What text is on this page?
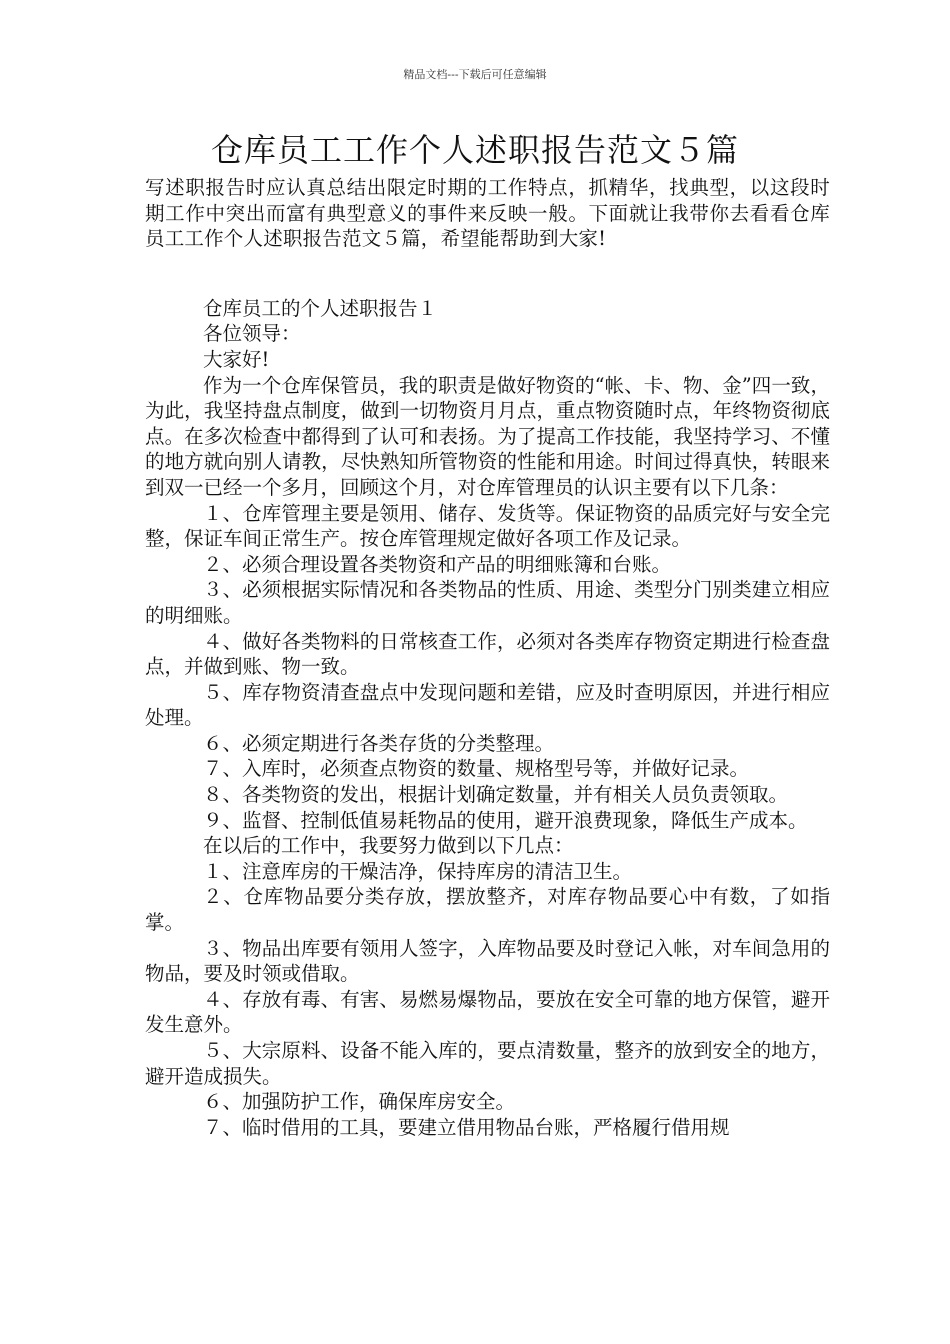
精品文档---下载后可任意编辑
仓库员工工作个人述职报告范文５篇

写述职报告时应认真总结出限定时期的工作特点，抓精华，找典型，以这段时期工作中突出而富有典型意义的事件来反映一般。下面就让我带你去看看仓库员工工作个人述职报告范文５篇，希望能帮助到大家!

仓库员工的个人述职报告１

各位领导：

大家好!

作为一个仓库保管员，我的职责是做好物资的“帐、卡、物、金”四一致，为此，我坚持盘点制度，做到一切物资月月点，重点物资随时点，年终物资彻底点。在多次检查中都得到了认可和表扬。为了提高工作技能，我坚持学习、不懂的地方就向别人请教，尽快熟知所管物资的性能和用途。时间过得真快，转眼来到双一已经一个多月，回顾这个月，对仓库管理员的认识主要有以下几条：

１、仓库管理主要是领用、储存、发货等。保证物资的品质完好与安全完整，保证车间正常生产。按仓库管理规定做好各项工作及记录。

２、必须合理设置各类物资和产品的明细账簿和台账。

３、必须根据实际情况和各类物品的性质、用途、类型分门别类建立相应的明细账。

４、做好各类物料的日常核查工作，必须对各类库存物资定期进行检查盘点，并做到账、物一致。

５、库存物资清查盘点中发现问题和差错，应及时查明原因，并进行相应处理。

６、必须定期进行各类存货的分类整理。

７、入库时，必须查点物资的数量、规格型号等，并做好记录。

８、各类物资的发出，根据计划确定数量，并有相关人员负责领取。

９、监督、控制低值易耗物品的使用，避开浪费现象，降低生产成本。

在以后的工作中，我要努力做到以下几点：

１、注意库房的干燥洁净，保持库房的清洁卫生。

２、仓库物品要分类存放，摆放整齐，对库存物品要心中有数，了如指掌。

３、物品出库要有领用人签字，入库物品要及时登记入帐，对车间急用的物品，要及时领或借取。

４、存放有毒、有害、易燃易爆物品，要放在安全可靠的地方保管，避开发生意外。

５、大宗原料、设备不能入库的，要点清数量，整齐的放到安全的地方，避开造成损失。

６、加强防护工作，确保库房安全。

７、临时借用的工具，要建立借用物品台账，严格履行借用规
